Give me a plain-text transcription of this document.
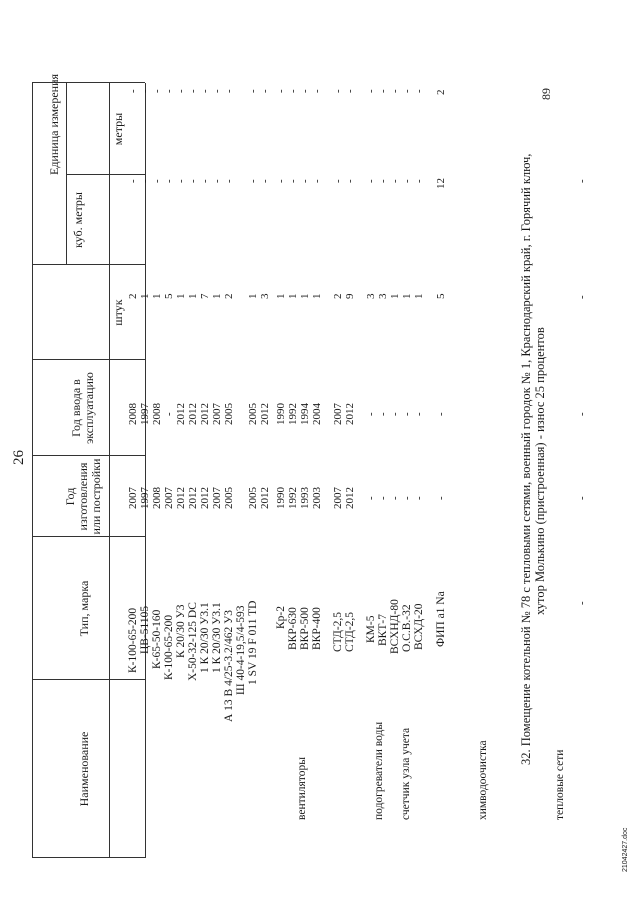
26
Наименование
Тип, марка
Год изготовления или постройки
Год ввода в эксплуатацию
Единица измерения
штук
куб. метры
метры
вентиляторы	подогреватели воды счетчик узла учета	химводоочистка
К-100-65-200 ЦВ-51105 К-65-50-160 К-100-65-200 К 20/30 У3 Х-50-32-125 DC 1 К 20/30 У3.1 1 К 20/30 У3.1 А 13 В 4/25-3.2/462 У3 Ш 40-4-19,5/4-593 1 SV 19 F 011 TD Кр-2 ВКР-630 ВКР-500 ВКР-400 СТД-2,5 СТД-2,5 КМ-5 ВКТ-7 ВСХНД-80 О.С.В.-32 ВСХД-20 ФИП а1 Na
2007 1997 2008 2007 2012 2012 2012 2007 2005 2005 2012 1990 1992 1993 2003 2007 2012 - - - - - -
2008 1997 2008 - 2012 2012 2012 2007 2005 2005 2012 1990 1992 1994 2004 2007 2012 - - - - - -
2 1 1 5 1 1 7 1 2 1 3 1 1 1 1 2 9 3 3 1 1 1 5
- - - - - - - - - - - - - - - - - - - - - - 12
- - - - - - - - - - - - - - - - - - - - - - 2
32. Помещение котельной № 78 с тепловыми сетями, военный городок № 1, Краснодарский край, г. Горячий ключ, хутор Молькино (пристроенная) - износ 25 процентов
тепловые сети
-
-
-
-
-
89
21042427.doc
